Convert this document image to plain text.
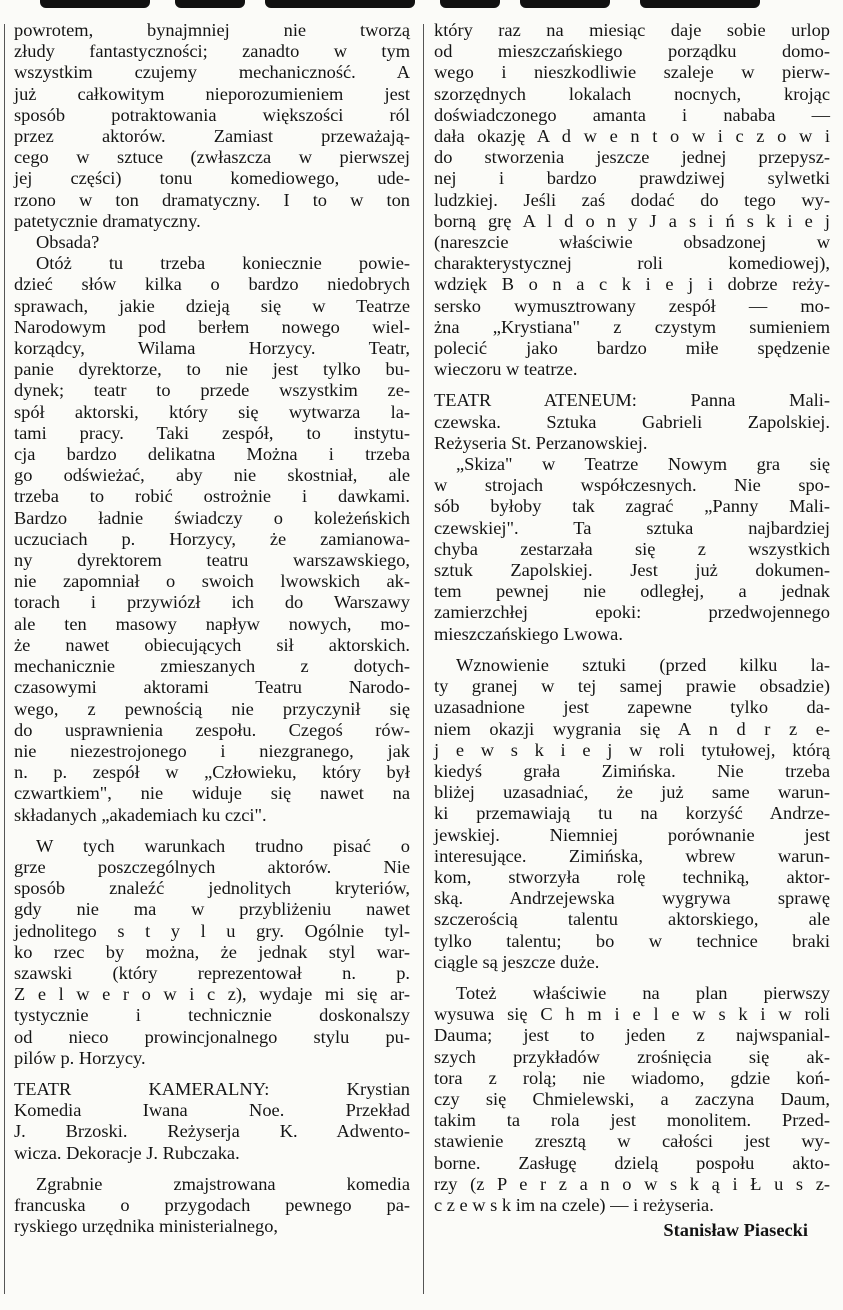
powrotem, bynajmniej nie tworzą
złudy fantastyczności; zanadto w tym
wszystkim czujemy mechaniczność. A
już całkowitym nieporozumieniem jest
sposób potraktowania większości ról
przez aktorów. Zamiast przeważają-
cego w sztuce (zwłaszcza w pierwszej
jej części) tonu komediowego, ude-
rzono w ton dramatyczny. I to w ton
patetycznie dramatyczny.

Obsada?

Otóż tu trzeba koniecznie powie-
dzieć słów kilka o bardzo niedobrych
sprawach, jakie dzieją się w Teatrze
Narodowym pod berłem nowego wiel-
korządcy, Wilama Horzycy. Teatr,
panie dyrektorze, to nie jest tylko bu-
dynek; teatr to przede wszystkim ze-
spół aktorski, który się wytwarza la-
tami pracy. Taki zespół, to instytu-
cja bardzo delikatna Można i trzeba
go odświeżać, aby nie skostniał, ale
trzeba to robić ostrożnie i dawkami.
Bardzo ładnie świadczy o koleżeńskich
uczuciach p. Horzycy, że zamianowa-
ny dyrektorem teatru warszawskiego,
nie zapomniał o swoich lwowskich ak-
torach i przywiózł ich do Warszawy
ale ten masowy napływ nowych, mo-
że nawet obiecujących sił aktorskich.
mechanicznie zmieszanych z dotych-
czasowymi aktorami Teatru Narodo-
wego, z pewnością nie przyczynił się
do usprawnienia zespołu. Czegoś rów-
nie niezestrojonego i niezgranego, jak
n. p. zespół w „Człowieku, który był
czwartkiem", nie widuje się nawet na
składanych „akademiach ku czci".

W tych warunkach trudno pisać o
grze poszczególnych aktorów. Nie
sposób znaleźć jednolitych kryteriów,
gdy nie ma w przybliżeniu nawet
jednolitego s t y l u gry. Ogólnie tyl-
ko rzec by można, że jednak styl war-
szawski (który reprezentował n. p.
Z e l w e r o w i c z), wydaje mi się ar-
tystycznie i technicznie doskonalszy
od nieco prowincjonalnego stylu pu-
pilów p. Horzycy.

TEATR KAMERALNY: Krystian
Komedia Iwana Noe. Przekład
J. Brzoski. Reżyserja K. Adwento-
wicza. Dekoracje J. Rubczaka.

Zgrabnie zmajstrowana komedia
francuska o przygodach pewnego pa-
ryskiego urzędnika ministerialnego,

który raz na miesiąc daje sobie urlop
od mieszczańskiego porządku domo-
wego i nieszkodliwie szaleje w pierw-
szorzędnych lokalach nocnych, krojąc
doświadczonego amanta i nababa —
dała okazję A d w e n t o w i c z o w i
do stworzenia jeszcze jednej przepysz-
nej i bardzo prawdziwej sylwetki
ludzkiej. Jeśli zaś dodać do tego wy-
borną grę A l d o n y J a s i ń s k i e j
(nareszcie właściwie obsadzonej w
charakterystycznej roli komediowej),
wdzięk B o n a c k i e j i dobrze reży-
sersko wymusztrowany zespół — mo-
żna „Krystiana" z czystym sumieniem
polecić jako bardzo miłe spędzenie
wieczoru w teatrze.

TEATR ATENEUM: Panna Mali-
czewska. Sztuka Gabrieli Zapolskiej.
Reżyseria St. Perzanowskiej.

„Skiza" w Teatrze Nowym gra się
w strojach współczesnych. Nie spo-
sób byłoby tak zagrać „Panny Mali-
czewskiej". Ta sztuka najbardziej
chyba zestarzała się z wszystkich
sztuk Zapolskiej. Jest już dokumen-
tem pewnej nie odległej, a jednak
zamierzchłej epoki: przedwojennego
mieszczańskiego Lwowa.

Wznowienie sztuki (przed kilku la-
ty granej w tej samej prawie obsadzie)
uzasadnione jest zapewne tylko da-
niem okazji wygrania się A n d r z e-
j e w s k i e j w roli tytułowej, którą
kiedyś grała Zimińska. Nie trzeba
bliżej uzasadniać, że już same warun-
ki przemawiają tu na korzyść Andrze-
jewskiej. Niemniej porównanie jest
interesujące. Zimińska, wbrew warun-
kom, stworzyła rolę techniką, aktor-
ską. Andrzejewska wygrywa sprawę
szczerością talentu aktorskiego, ale
tylko talentu; bo w technice braki
ciągle są jeszcze duże.

Toteż właściwie na plan pierwszy
wysuwa się C h m i e l e w s k i w roli
Dauma; jest to jeden z najwspanial-
szych przykładów zrośnięcia się ak-
tora z rolą; nie wiadomo, gdzie koń-
czy się Chmielewski, a zaczyna Daum,
takim ta rola jest monolitem. Przed-
stawienie zresztą w całości jest wy-
borne. Zasługę dzielą pospołu akto-
rzy (z P e r z a n o w s k ą i Ł u s z-
c z e w s k im na czele) — i reżyseria.

Stanisław Piasecki
